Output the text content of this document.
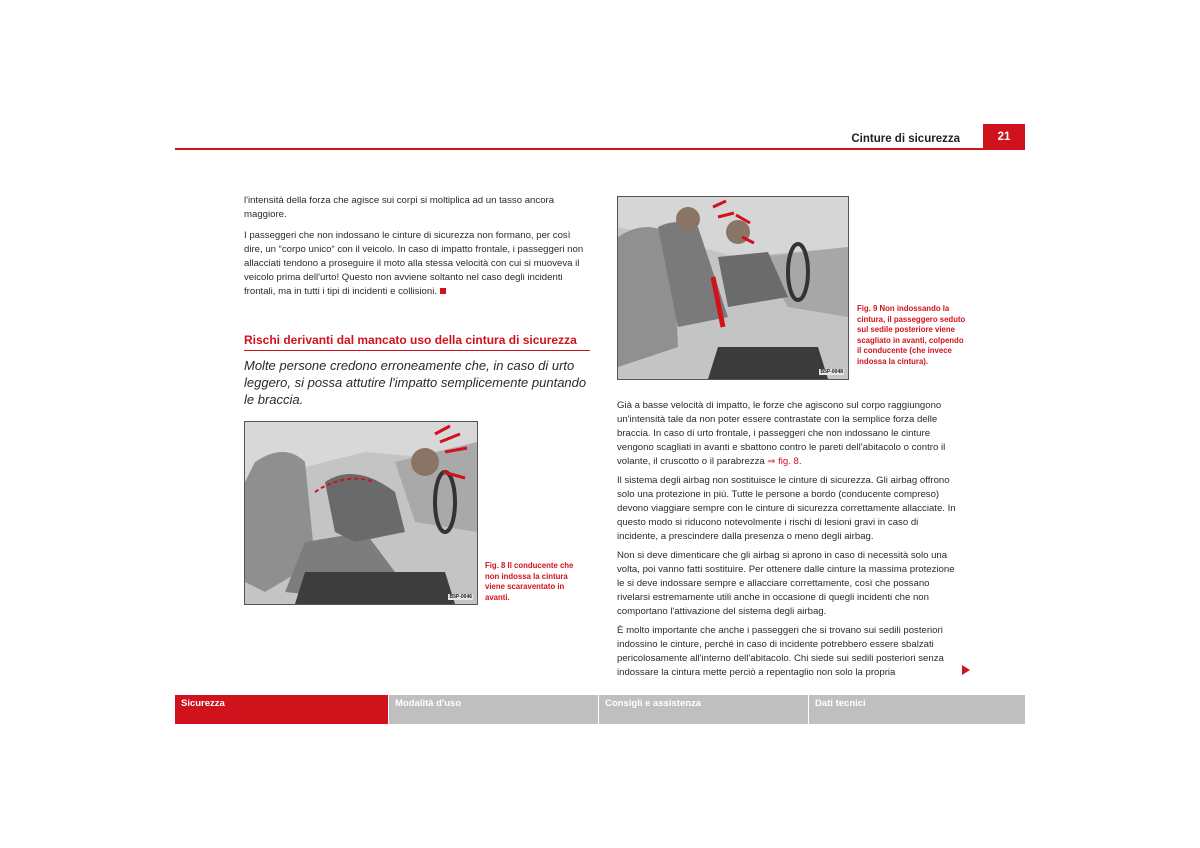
Cinture di sicurezza	21
l'intensità della forza che agisce sui corpi si moltiplica ad un tasso ancora maggiore.
I passeggeri che non indossano le cinture di sicurezza non formano, per così dire, un “corpo unico“ con il veicolo. In caso di impatto frontale, i passeggeri non allacciati tendono a proseguire il moto alla stessa velocità con cui si muoveva il veicolo prima dell'urto! Questo non avviene soltanto nel caso degli incidenti frontali, ma in tutti i tipi di incidenti e collisioni.
Rischi derivanti dal mancato uso della cintura di sicurezza
Molte persone credono erroneamente che, in caso di urto leggero, si possa attutire l'impatto semplicemente puntando le braccia.
B5P-0046
Fig. 8 Il conducente che non indossa la cintura viene scaraventato in avanti.
B5P-0048
Fig. 9 Non indossando la cintura, il passeggero seduto sul sedile posteriore viene scagliato in avanti, colpendo il conducente (che invece indossa la cintura).
Già a basse velocità di impatto, le forze che agiscono sul corpo raggiungono un'intensità tale da non poter essere contrastate con la semplice forza delle braccia. In caso di urto frontale, i passeggeri che non indossano le cinture vengono scagliati in avanti e sbattono contro le pareti dell'abitacolo o contro il volante, il cruscotto o il parabrezza ⇒ fig. 8.
Il sistema degli airbag non sostituisce le cinture di sicurezza. Gli airbag offrono solo una protezione in più. Tutte le persone a bordo (conducente compreso) devono viaggiare sempre con le cinture di sicurezza correttamente allacciate. In questo modo si riducono notevolmente i rischi di lesioni gravi in caso di incidente, a prescindere dalla presenza o meno degli airbag.
Non si deve dimenticare che gli airbag si aprono in caso di necessità solo una volta, poi vanno fatti sostituire. Per ottenere dalle cinture la massima protezione le si deve indossare sempre e allacciare correttamente, così che possano rivelarsi estremamente utili anche in occasione di quegli incidenti che non comportano l'attivazione del sistema degli airbag.
È molto importante che anche i passeggeri che si trovano sui sedili posteriori indossino le cinture, perché in caso di incidente potrebbero essere sbalzati pericolosamente all'interno dell'abitacolo. Chi siede sui sedili posteriori senza indossare la cintura mette perciò a repentaglio non solo la propria
Sicurezza	Modalità d'uso	Consigli e assistenza	Dati tecnici
